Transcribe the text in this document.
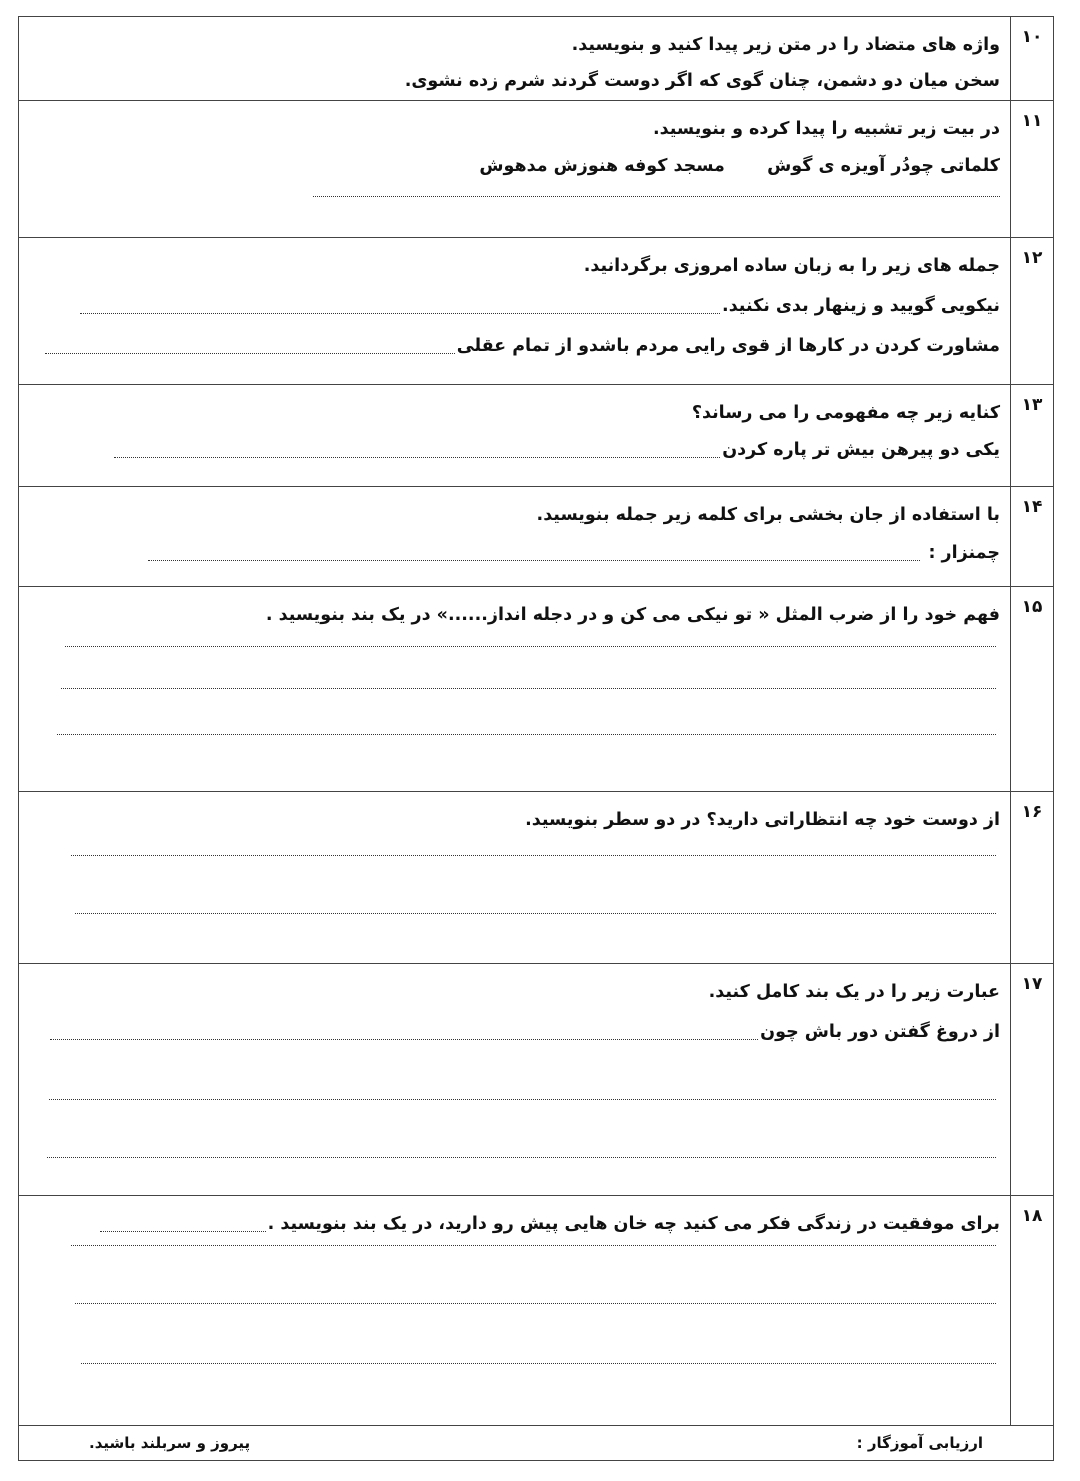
۱۰	واژه های متضاد را در متن زیر پیدا کنید و بنویسید.
سخن میان دو دشمن، چنان گوی که اگر دوست گردند شرم زده نشوی.

۱۱	در بیت زیر تشبیه را پیدا کرده و بنویسید.
کلماتی چودُر آویزه ی گوش  مسجد کوفه هنوزش مدهوش

۱۲	جمله های زیر را به زبان ساده امروزی برگردانید.
نیکویی گویید و زینهار بدی نکنید.
مشاورت کردن در کارها از قوی رایی مردم باشدو از تمام عقلی

۱۳	کنایه زیر چه مفهومی را می رساند؟
یکی دو پیرهن بیش تر پاره کردن

۱۴	با استفاده از جان بخشی برای کلمه زیر جمله بنویسید.
چمنزار :

۱۵	فهم خود را از ضرب المثل « تو نیکی می کن و در دجله انداز......» در یک بند بنویسید .

۱۶	از دوست خود چه انتظاراتی دارید؟ در دو سطر بنویسید.

۱۷	عبارت زیر را در یک بند کامل کنید.
از دروغ گفتن دور باش چون

۱۸	برای موفقیت در زندگی فکر می کنید چه خان هایی پیش رو دارید، در یک بند بنویسید .

ارزیابی آموزگار :
پیروز و سربلند باشید.	
